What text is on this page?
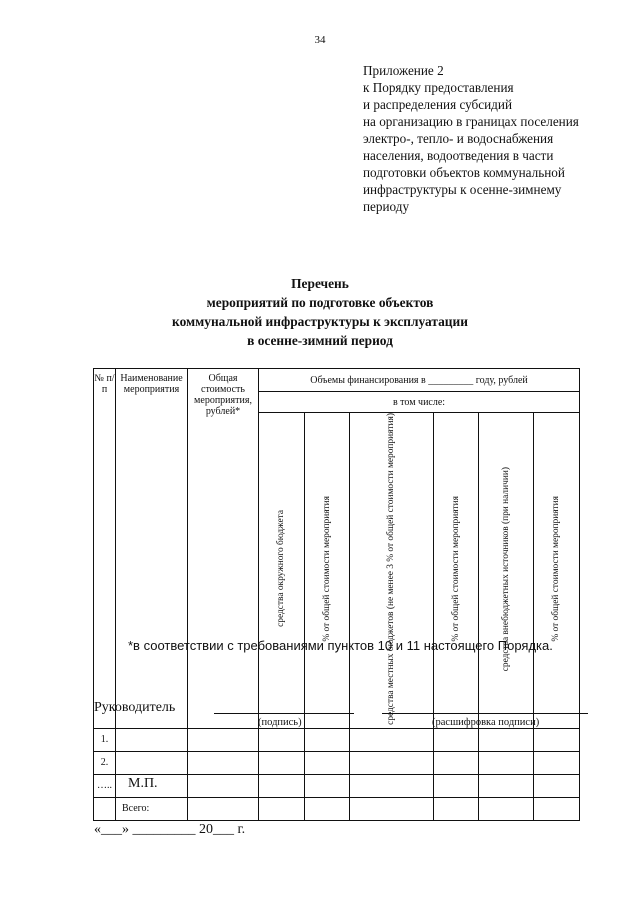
34
Приложение 2
к Порядку предоставления
и распределения субсидий
на организацию в границах поселения
электро-, тепло- и водоснабжения
населения, водоотведения в части
подготовки объектов коммунальной
инфраструктуры к осенне-зимнему
периоду
Перечень
мероприятий по подготовке объектов
коммунальной инфраструктуры к эксплуатации
в осенне-зимний период
№ п/п	Наименование мероприятия	Общая стоимость мероприятия, рублей*	Объемы финансирования в _________ году, рублей					
			в том числе:					
			средства окружного бюджета	% от общей стоимости мероприятия	средства местных бюджетов (не менее 3 % от общей стоимости мероприятия)	% от общей стоимости мероприятия	средства внебюджетных источников (при наличии)	% от общей стоимости мероприятия
1.								
2.								
…..								
	Всего:							
*в соответствии с требованиями пунктов 10 и 11 настоящего Порядка.
Руководитель
(подпись)	(расшифровка подписи)
М.П.
«___» _________ 20___ г.
